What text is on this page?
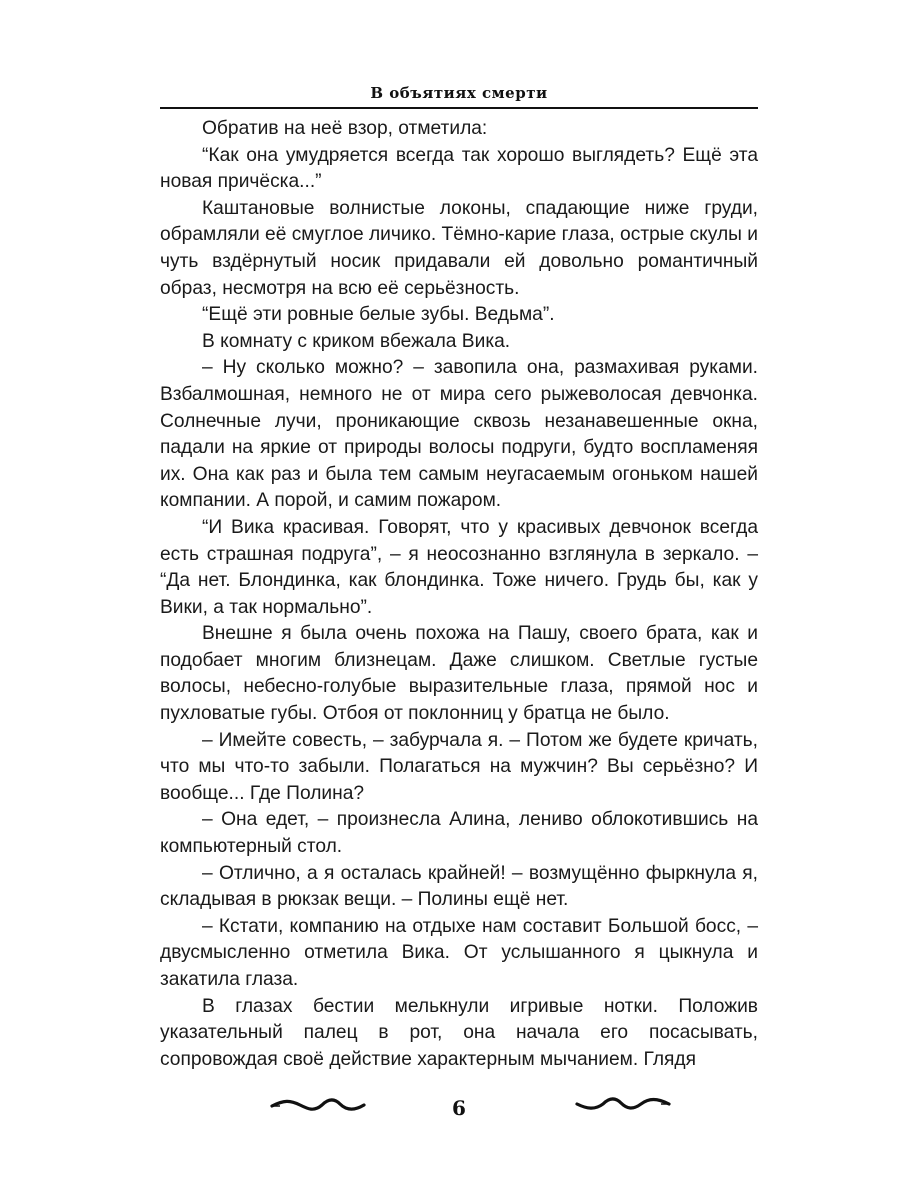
В объятиях смерти

Обратив на неё взор, отметила:

“Как она умудряется всегда так хорошо выглядеть? Ещё эта новая причёска...”

Каштановые волнистые локоны, спадающие ниже груди, обрамляли её смуглое личико. Тёмно-карие глаза, острые скулы и чуть вздёрнутый носик придавали ей довольно романтичный образ, несмотря на всю её серьёзность.

“Ещё эти ровные белые зубы. Ведьма”.

В комнату с криком вбежала Вика.

– Ну сколько можно? – завопила она, размахивая руками. Взбалмошная, немного не от мира сего рыжеволосая девчонка. Солнечные лучи, проникающие сквозь незанавешенные окна, падали на яркие от природы волосы подруги, будто воспламеняя их. Она как раз и была тем самым неугасаемым огоньком нашей компании. А порой, и самим пожаром.

“И Вика красивая. Говорят, что у красивых девчонок всегда есть страшная подруга”, – я неосознанно взглянула в зеркало. – “Да нет. Блондинка, как блондинка. Тоже ничего. Грудь бы, как у Вики, а так нормально”.

Внешне я была очень похожа на Пашу, своего брата, как и подобает многим близнецам. Даже слишком. Светлые густые волосы, небесно-голубые выразительные глаза, прямой нос и пухловатые губы. Отбоя от поклонниц у братца не было.

– Имейте совесть, – забурчала я. – Потом же будете кричать, что мы что-то забыли. Полагаться на мужчин? Вы серьёзно? И вообще... Где Полина?

– Она едет, – произнесла Алина, лениво облокотившись на компьютерный стол.

– Отлично, а я осталась крайней! – возмущённо фыркнула я, складывая в рюкзак вещи. – Полины ещё нет.

– Кстати, компанию на отдыхе нам составит Большой босс, – двусмысленно отметила Вика. От услышанного я цыкнула и закатила глаза.

В глазах бестии мелькнули игривые нотки. Положив указательный палец в рот, она начала его посасывать, сопровождая своё действие характерным мычанием. Глядя

6
